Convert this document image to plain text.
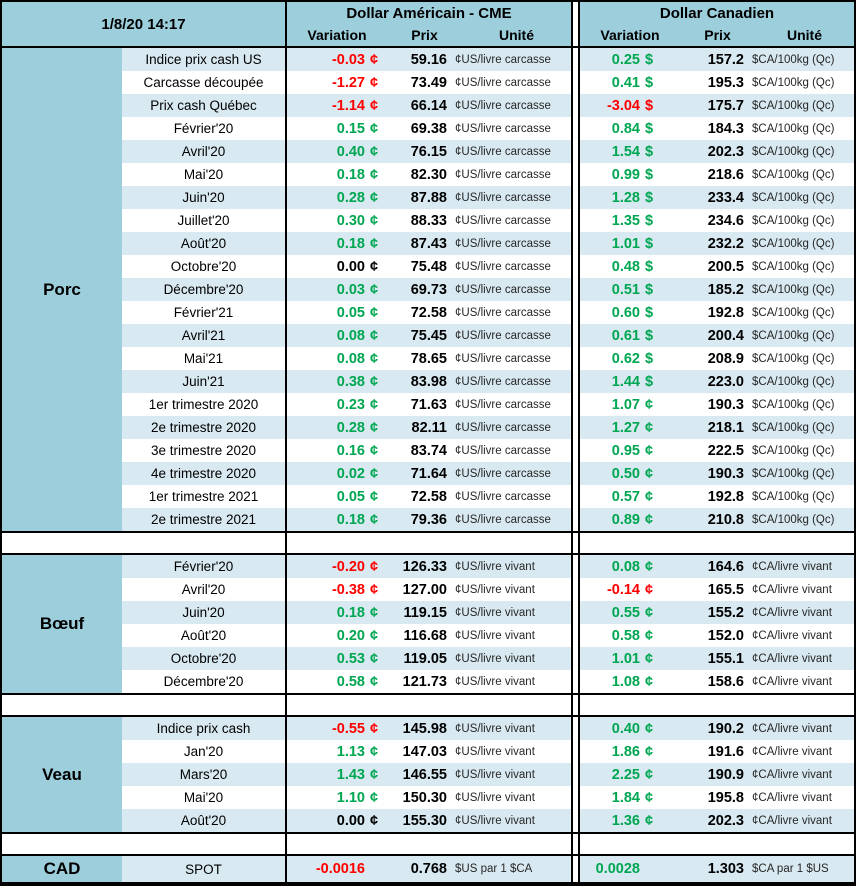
1/8/20 14:17
Dollar Américain - CME
Variation	Prix	Unité
Dollar Canadien
Variation	Prix	Unité
Porc
Indice prix cash US	-0.03 ¢	59.16 ¢US/livre carcasse	0.25 $	157.2 $CA/100kg (Qc)
Carcasse découpée	-1.27 ¢	73.49 ¢US/livre carcasse	0.41 $	195.3 $CA/100kg (Qc)
Prix cash Québec	-1.14 ¢	66.14 ¢US/livre carcasse	-3.04 $	175.7 $CA/100kg (Qc)
Février'20	0.15 ¢	69.38 ¢US/livre carcasse	0.84 $	184.3 $CA/100kg (Qc)
Avril'20	0.40 ¢	76.15 ¢US/livre carcasse	1.54 $	202.3 $CA/100kg (Qc)
Mai'20	0.18 ¢	82.30 ¢US/livre carcasse	0.99 $	218.6 $CA/100kg (Qc)
Juin'20	0.28 ¢	87.88 ¢US/livre carcasse	1.28 $	233.4 $CA/100kg (Qc)
Juillet'20	0.30 ¢	88.33 ¢US/livre carcasse	1.35 $	234.6 $CA/100kg (Qc)
Août'20	0.18 ¢	87.43 ¢US/livre carcasse	1.01 $	232.2 $CA/100kg (Qc)
Octobre'20	0.00 ¢	75.48 ¢US/livre carcasse	0.48 $	200.5 $CA/100kg (Qc)
Décembre'20	0.03 ¢	69.73 ¢US/livre carcasse	0.51 $	185.2 $CA/100kg (Qc)
Février'21	0.05 ¢	72.58 ¢US/livre carcasse	0.60 $	192.8 $CA/100kg (Qc)
Avril'21	0.08 ¢	75.45 ¢US/livre carcasse	0.61 $	200.4 $CA/100kg (Qc)
Mai'21	0.08 ¢	78.65 ¢US/livre carcasse	0.62 $	208.9 $CA/100kg (Qc)
Juin'21	0.38 ¢	83.98 ¢US/livre carcasse	1.44 $	223.0 $CA/100kg (Qc)
1er trimestre 2020	0.23 ¢	71.63 ¢US/livre carcasse	1.07 ¢	190.3 $CA/100kg (Qc)
2e trimestre 2020	0.28 ¢	82.11 ¢US/livre carcasse	1.27 ¢	218.1 $CA/100kg (Qc)
3e trimestre 2020	0.16 ¢	83.74 ¢US/livre carcasse	0.95 ¢	222.5 $CA/100kg (Qc)
4e trimestre 2020	0.02 ¢	71.64 ¢US/livre carcasse	0.50 ¢	190.3 $CA/100kg (Qc)
1er trimestre 2021	0.05 ¢	72.58 ¢US/livre carcasse	0.57 ¢	192.8 $CA/100kg (Qc)
2e trimestre 2021	0.18 ¢	79.36 ¢US/livre carcasse	0.89 ¢	210.8 $CA/100kg (Qc)
Bœuf
Février'20	-0.20 ¢	126.33 ¢US/livre vivant	0.08 ¢	164.6 ¢CA/livre vivant
Avril'20	-0.38 ¢	127.00 ¢US/livre vivant	-0.14 ¢	165.5 ¢CA/livre vivant
Juin'20	0.18 ¢	119.15 ¢US/livre vivant	0.55 ¢	155.2 ¢CA/livre vivant
Août'20	0.20 ¢	116.68 ¢US/livre vivant	0.58 ¢	152.0 ¢CA/livre vivant
Octobre'20	0.53 ¢	119.05 ¢US/livre vivant	1.01 ¢	155.1 ¢CA/livre vivant
Décembre'20	0.58 ¢	121.73 ¢US/livre vivant	1.08 ¢	158.6 ¢CA/livre vivant
Veau
Indice prix cash	-0.55 ¢	145.98 ¢US/livre vivant	0.40 ¢	190.2 ¢CA/livre vivant
Jan'20	1.13 ¢	147.03 ¢US/livre vivant	1.86 ¢	191.6 ¢CA/livre vivant
Mars'20	1.43 ¢	146.55 ¢US/livre vivant	2.25 ¢	190.9 ¢CA/livre vivant
Mai'20	1.10 ¢	150.30 ¢US/livre vivant	1.84 ¢	195.8 ¢CA/livre vivant
Août'20	0.00 ¢	155.30 ¢US/livre vivant	1.36 ¢	202.3 ¢CA/livre vivant
CAD	SPOT	-0.0016	0.768 $US par 1 $CA	0.0028	1.303 $CA par 1 $US
